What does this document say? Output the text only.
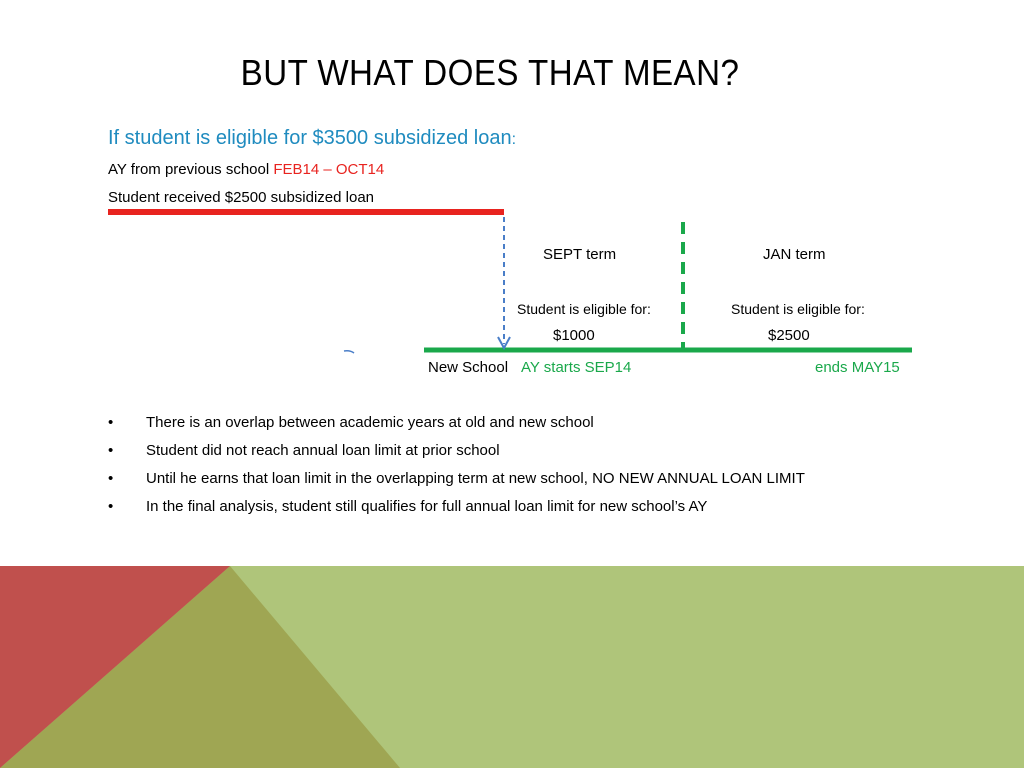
BUT WHAT DOES THAT MEAN?
If student is eligible for $3500 subsidized loan:
AY from previous school FEB14 – OCT14
Student received $2500 subsidized loan
SEPT term	JAN term
Student is eligible for:	Student is eligible for:
$1000	$2500
New School AY starts SEP14	ends MAY15
• There is an overlap between academic years at old and new school
• Student did not reach annual loan limit at prior school
• Until he earns that loan limit in the overlapping term at new school, NO NEW ANNUAL LOAN LIMIT
• In the final analysis, student still qualifies for full annual loan limit for new school’s AY
